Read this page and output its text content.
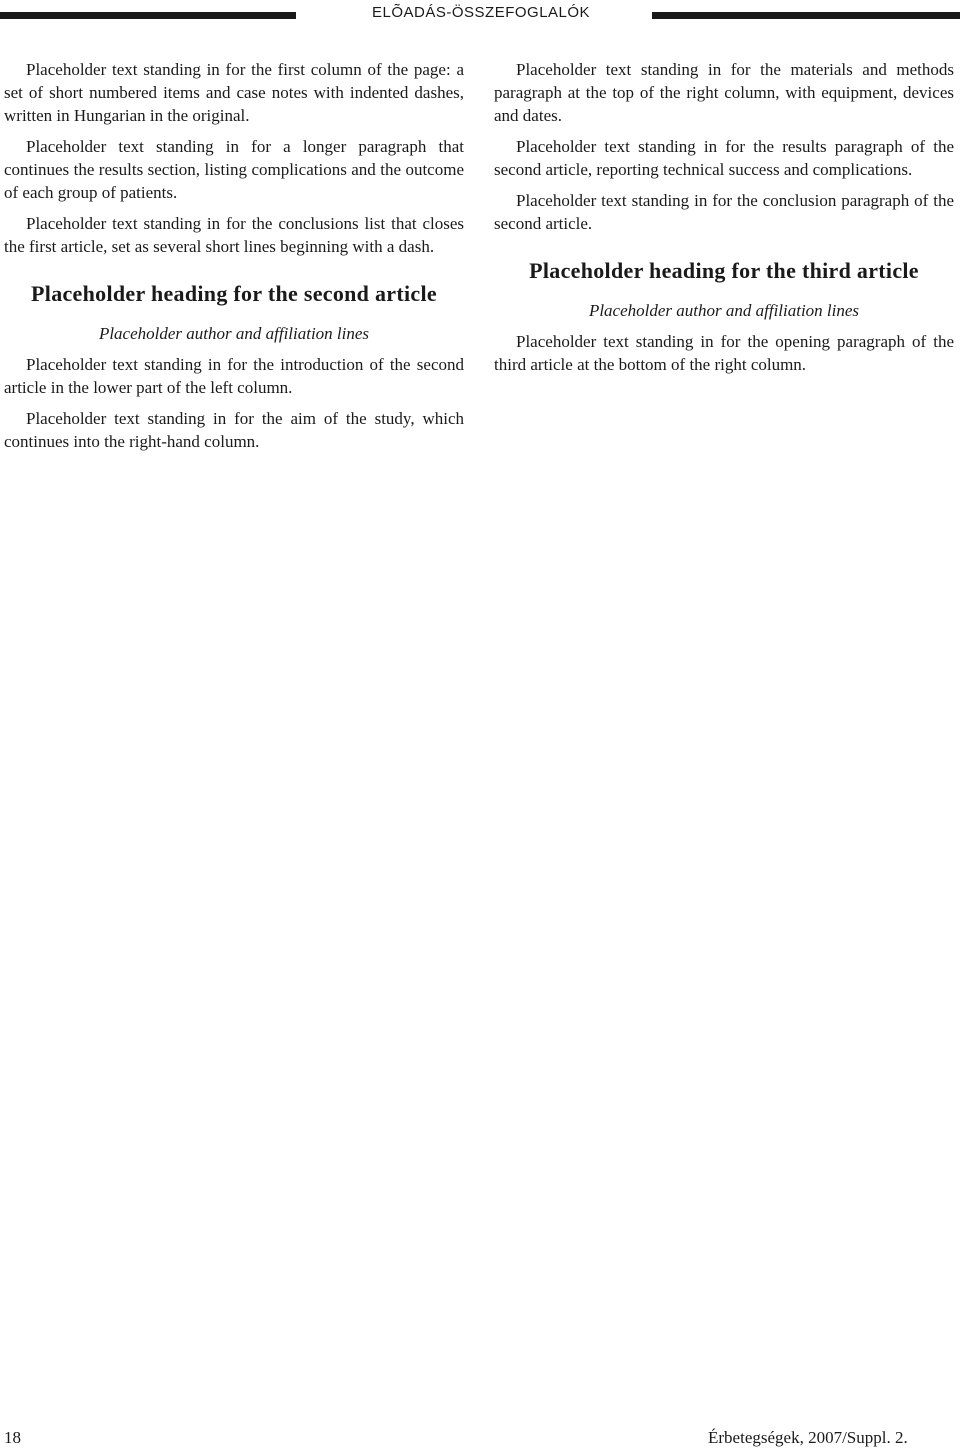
ELÕADÁS-ÖSSZEFOGLALÓK

Placeholder text standing in for the first column of the page: a set of short numbered items and case notes with indented dashes, written in Hungarian in the original.

Placeholder text standing in for a longer paragraph that continues the results section, listing complications and the outcome of each group of patients.

Placeholder text standing in for the conclusions list that closes the first article, set as several short lines beginning with a dash.

Placeholder heading for the second article

Placeholder author and affiliation lines

Placeholder text standing in for the introduction of the second article in the lower part of the left column.

Placeholder text standing in for the aim of the study, which continues into the right-hand column.

Placeholder text standing in for the materials and methods paragraph at the top of the right column, with equipment, devices and dates.

Placeholder text standing in for the results paragraph of the second article, reporting technical success and complications.

Placeholder text standing in for the conclusion paragraph of the second article.

Placeholder heading for the third article

Placeholder author and affiliation lines

Placeholder text standing in for the opening paragraph of the third article at the bottom of the right column.

18	Érbetegségek, 2007/Suppl. 2.
